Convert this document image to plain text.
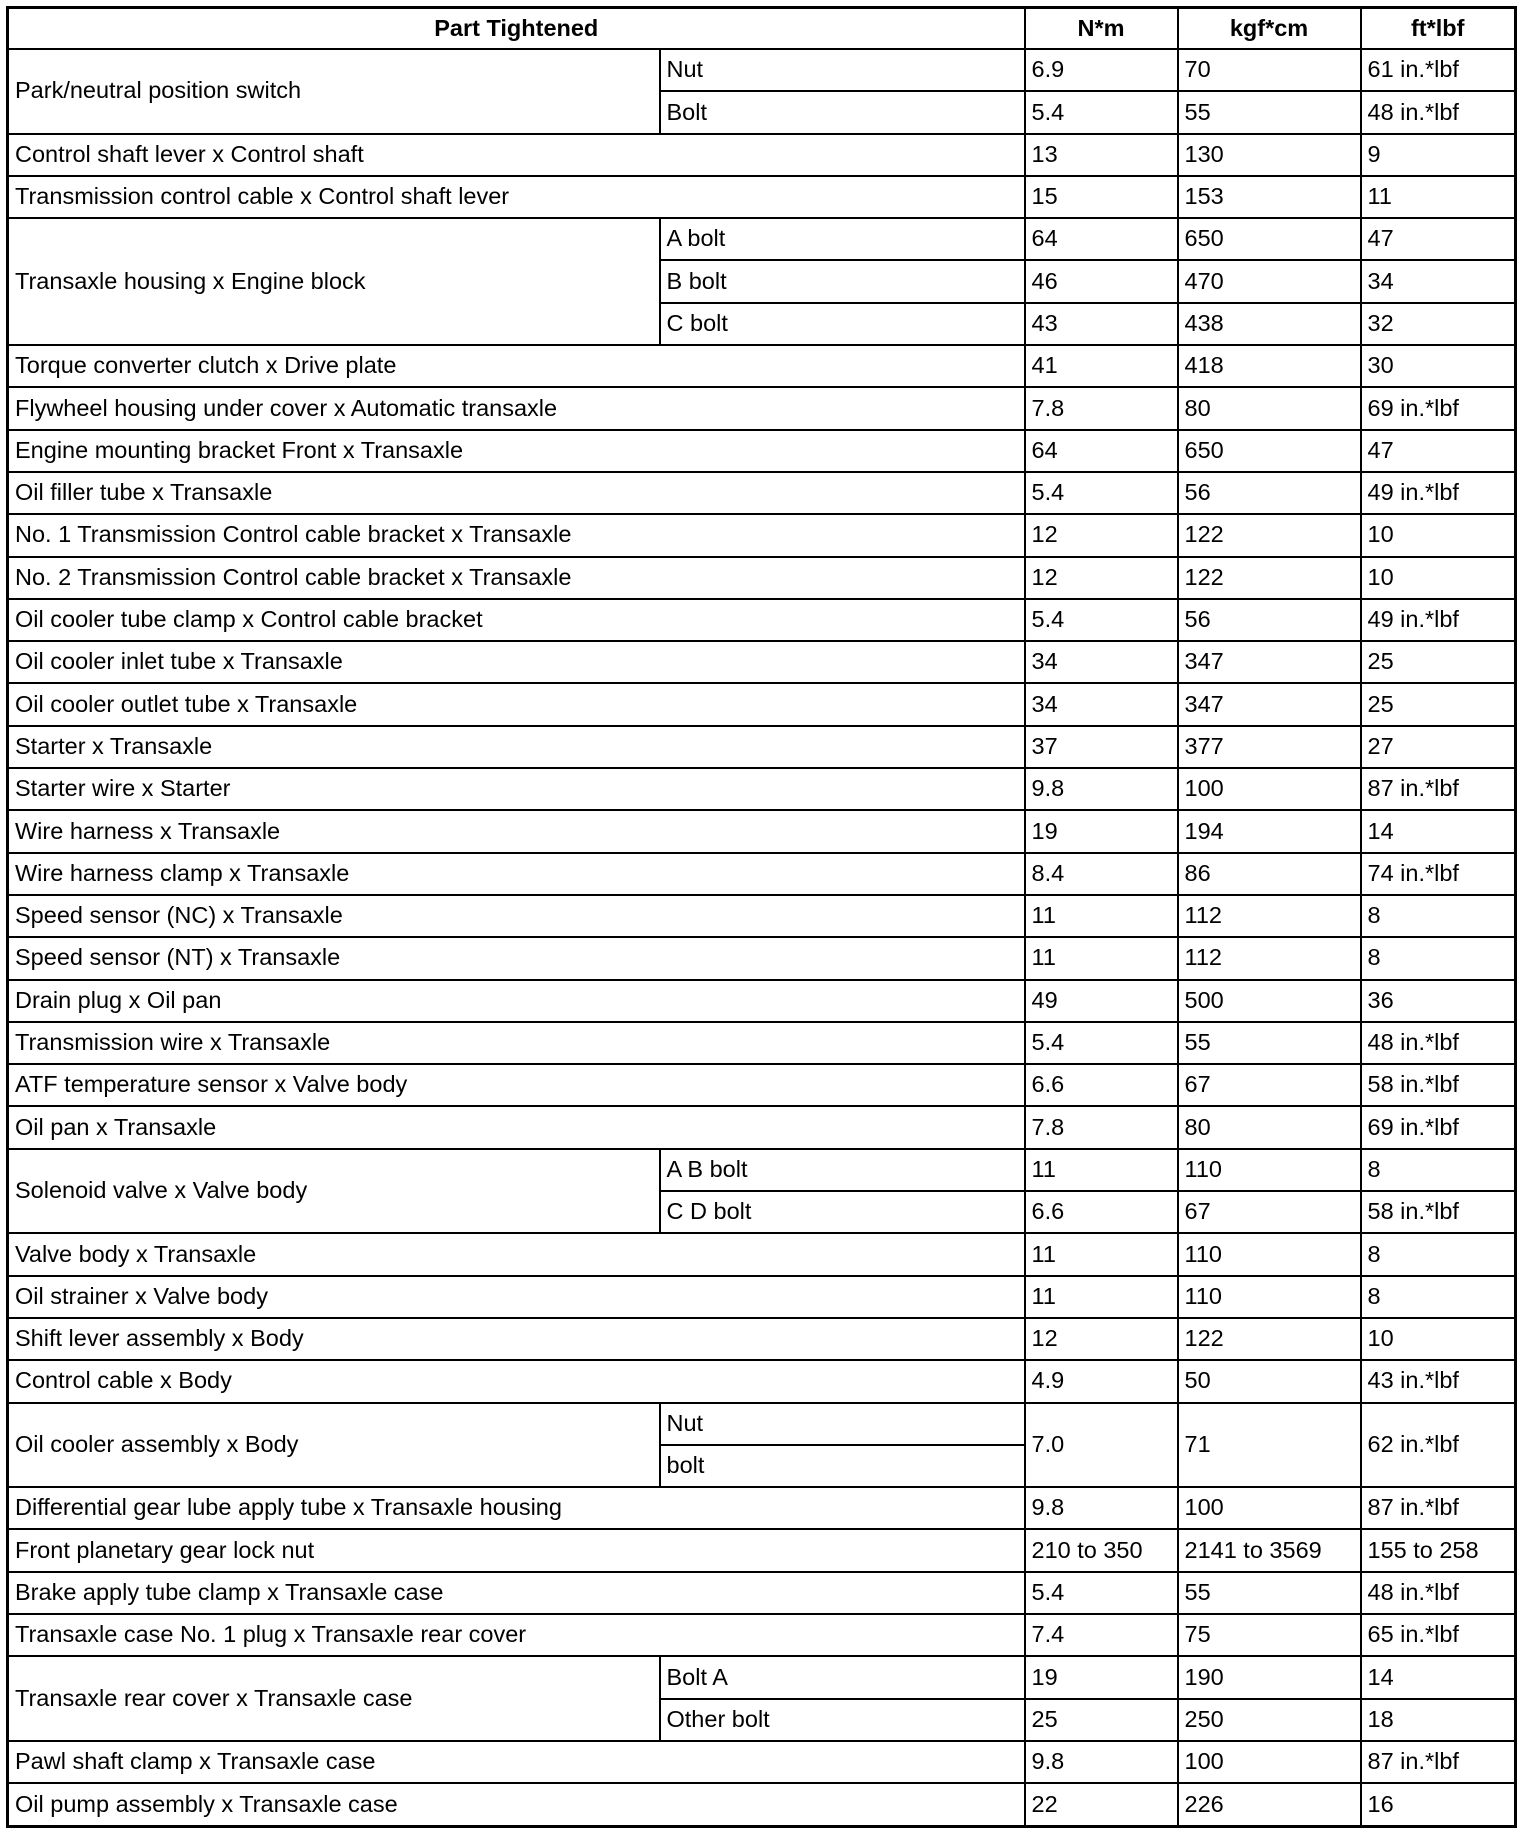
Part Tightened		N*m	kgf*cm	ft*lbf
Park/neutral position switch	Nut	6.9	70	61 in.*lbf
	Bolt	5.4	55	48 in.*lbf
Control shaft lever x Control shaft		13	130	9
Transmission control cable x Control shaft lever		15	153	11
Transaxle housing x Engine block	A bolt	64	650	47
	B bolt	46	470	34
	C bolt	43	438	32
Torque converter clutch x Drive plate		41	418	30
Flywheel housing under cover x Automatic transaxle		7.8	80	69 in.*lbf
Engine mounting bracket Front x Transaxle		64	650	47
Oil filler tube x Transaxle		5.4	56	49 in.*lbf
No. 1 Transmission Control cable bracket x Transaxle		12	122	10
No. 2 Transmission Control cable bracket x Transaxle		12	122	10
Oil cooler tube clamp x Control cable bracket		5.4	56	49 in.*lbf
Oil cooler inlet tube x Transaxle		34	347	25
Oil cooler outlet tube x Transaxle		34	347	25
Starter x Transaxle		37	377	27
Starter wire x Starter		9.8	100	87 in.*lbf
Wire harness x Transaxle		19	194	14
Wire harness clamp x Transaxle		8.4	86	74 in.*lbf
Speed sensor (NC) x Transaxle		11	112	8
Speed sensor (NT) x Transaxle		11	112	8
Drain plug x Oil pan		49	500	36
Transmission wire x Transaxle		5.4	55	48 in.*lbf
ATF temperature sensor x Valve body		6.6	67	58 in.*lbf
Oil pan x Transaxle		7.8	80	69 in.*lbf
Solenoid valve x Valve body	A B bolt	11	110	8
	C D bolt	6.6	67	58 in.*lbf
Valve body x Transaxle		11	110	8
Oil strainer x Valve body		11	110	8
Shift lever assembly x Body		12	122	10
Control cable x Body		4.9	50	43 in.*lbf
Oil cooler assembly x Body	Nut	7.0	71	62 in.*lbf
	bolt			
Differential gear lube apply tube x Transaxle housing		9.8	100	87 in.*lbf
Front planetary gear lock nut		210 to 350	2141 to 3569	155 to 258
Brake apply tube clamp x Transaxle case		5.4	55	48 in.*lbf
Transaxle case No. 1 plug x Transaxle rear cover		7.4	75	65 in.*lbf
Transaxle rear cover x Transaxle case	Bolt A	19	190	14
	Other bolt	25	250	18
Pawl shaft clamp x Transaxle case		9.8	100	87 in.*lbf
Oil pump assembly x Transaxle case		22	226	16
